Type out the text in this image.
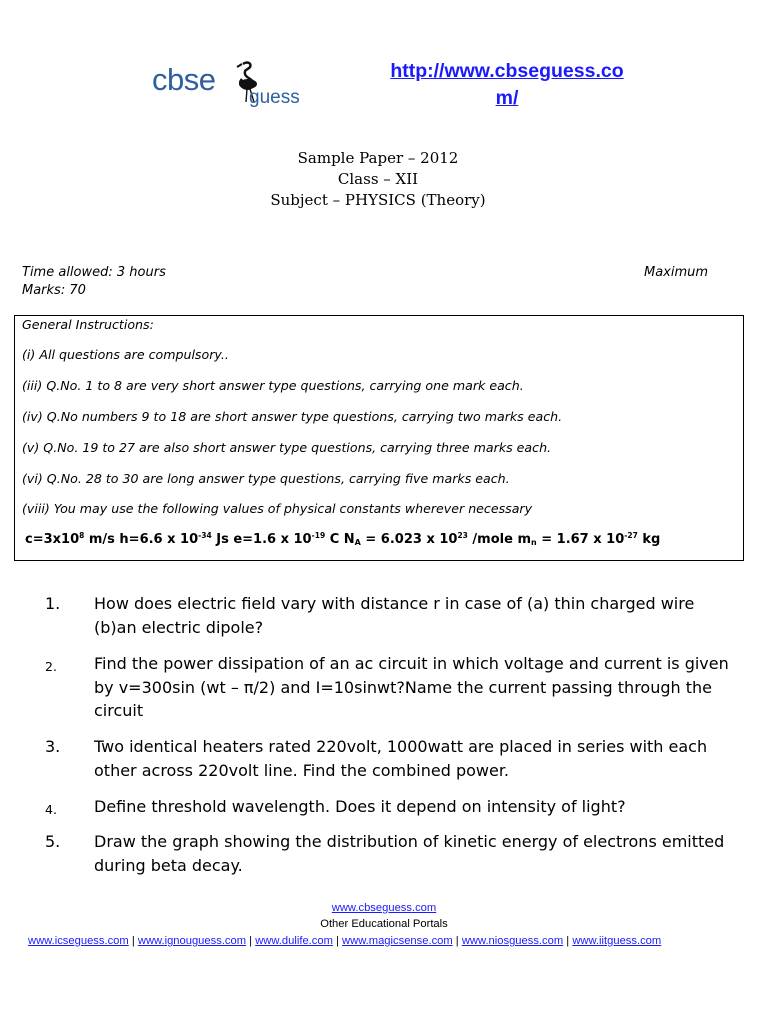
cbse
guess
http://www.cbseguess.co
m/
Sample Paper – 2012
Class – XII
Subject – PHYSICS (Theory)
Time allowed: 3 hours	Maximum
Marks: 70
General Instructions:
(i) All questions are compulsory..
(iii) Q.No. 1 to 8 are very short answer type questions, carrying one mark each.
(iv) Q.No numbers 9 to 18 are short answer type questions, carrying two marks each.
(v) Q.No. 19 to 27 are also short answer type questions, carrying three marks each.
(vi) Q.No. 28 to 30 are long answer type questions, carrying five marks each.
(viii) You may use the following values of physical constants wherever necessary
$c=3x10^8$ m/s h=6.6 x $10^{-34}$ Js e=1.6 x $10^{-19}$ C $N_A = 6.023$ x $10^{23}$ /mole $m_n = 1.67$ x $10^{-27}$ kg
1. How does electric field vary with distance r in case of (a) thin charged wire (b)an electric dipole?
2. Find the power dissipation of an ac circuit in which voltage and current is given by v=300sin (wt – π/2) and I=10sinwt?Name the current passing through the circuit
3. Two identical heaters rated 220volt, 1000watt are placed in series with each other across 220volt line. Find the combined power.
4. Define threshold wavelength. Does it depend on intensity of light?
5. Draw the graph showing the distribution of kinetic energy of electrons emitted during beta decay.
www.cbseguess.com
Other Educational Portals
www.icseguess.com | www.ignouguess.com | www.dulife.com | www.magicsense.com | www.niosguess.com | www.iitguess.com
